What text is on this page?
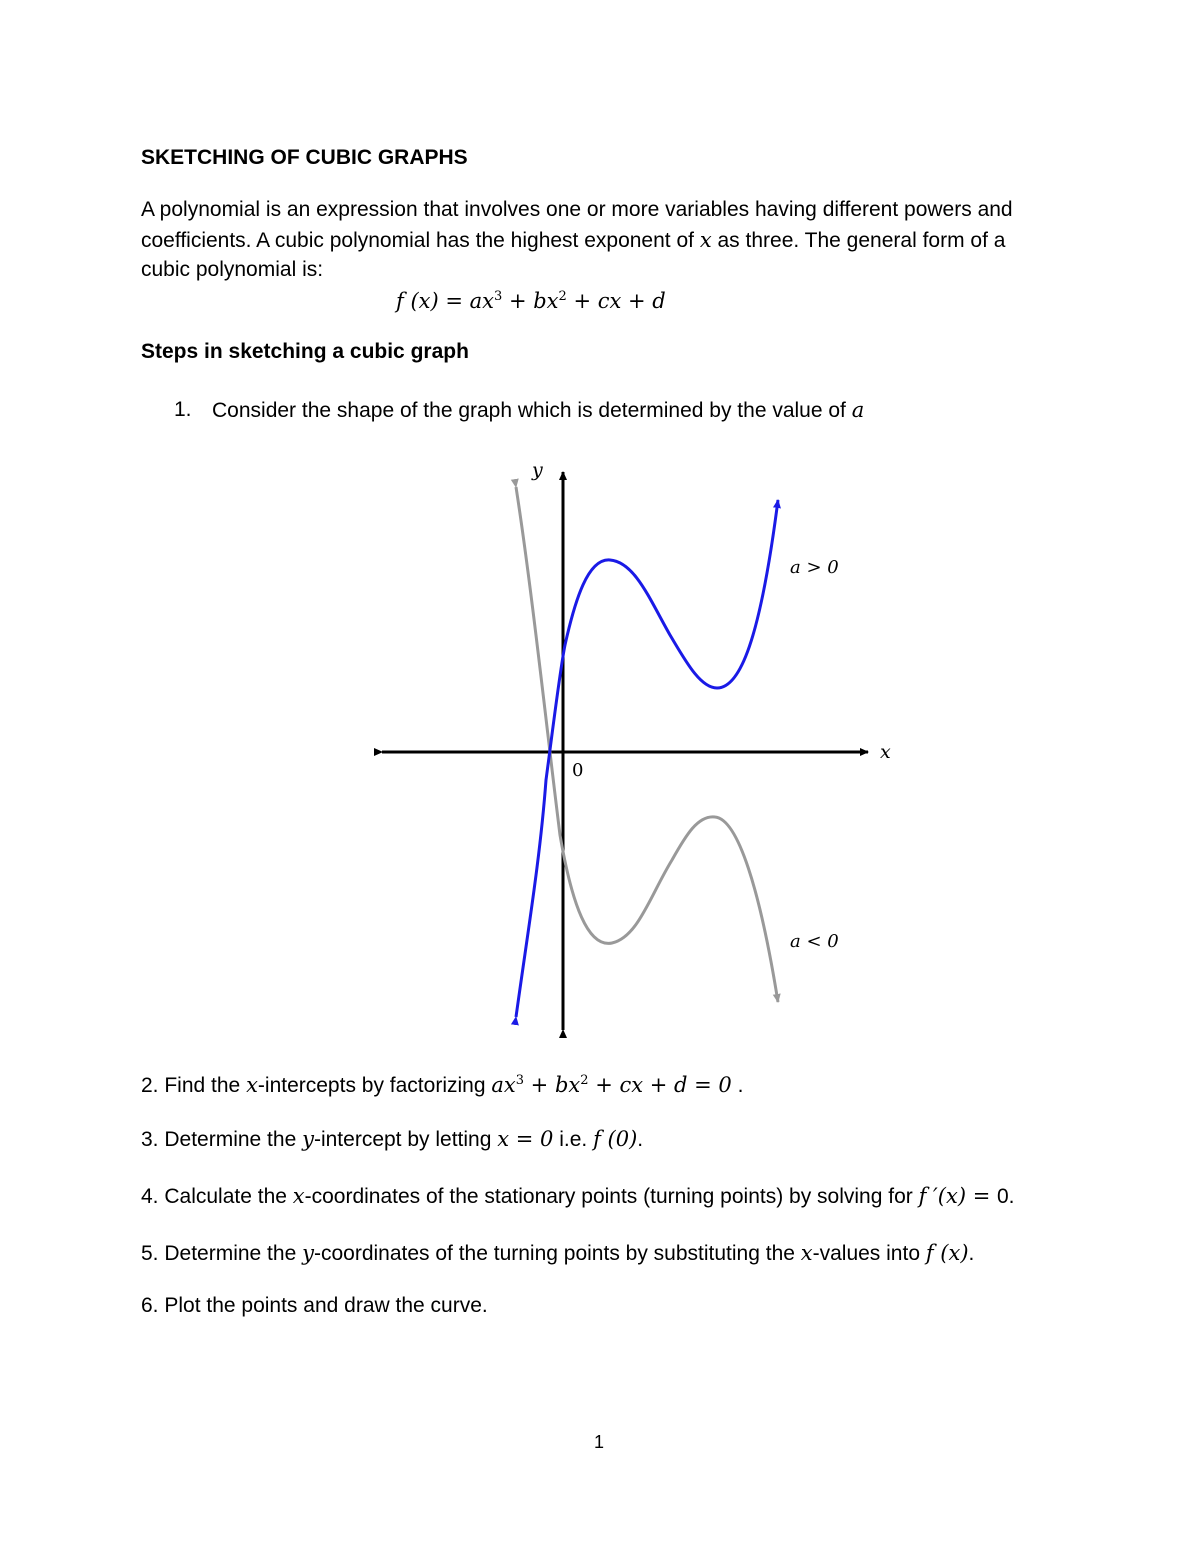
SKETCHING OF CUBIC GRAPHS
A polynomial is an expression that involves one or more variables having different powers and
coefficients. A cubic polynomial has the highest exponent of x as three. The general form of a
cubic polynomial is:
f $(x) = ax^3 + bx^2$ + cx + d
Steps in sketching a cubic graph
1. Consider the shape of the graph which is determined by the value of a
y
x
0
a > 0
a < 0
2. Find the x-intercepts by factorizing $ax^3 + bx^2$ + cx + d = 0 .
3. Determine the y-intercept by letting x = 0 i.e. f (0).
4. Calculate the x-coordinates of the stationary points (turning points) by solving for f ′(x) = 0.
5. Determine the y-coordinates of the turning points by substituting the x-values into f (x).
6. Plot the points and draw the curve.
1
